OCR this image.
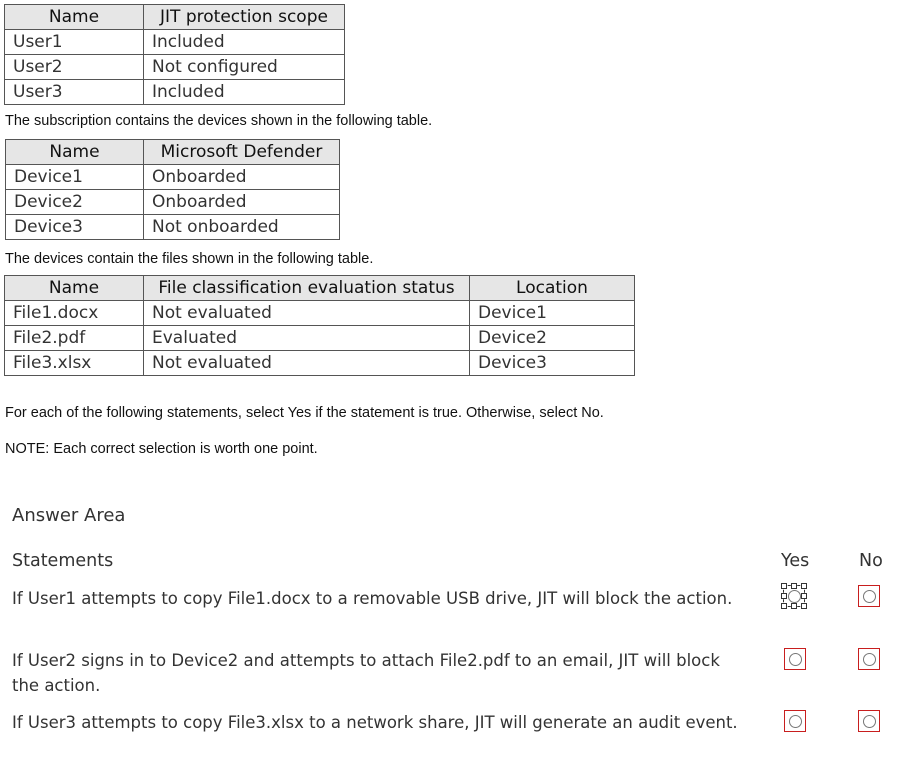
Name	JIT protection scope
User1	Included
User2	Not configured
User3	Included
The subscription contains the devices shown in the following table.
Name	Microsoft Defender
Device1	Onboarded
Device2	Onboarded
Device3	Not onboarded
The devices contain the files shown in the following table.
Name	File classification evaluation status	Location
File1.docx	Not evaluated	Device1
File2.pdf	Evaluated	Device2
File3.xlsx	Not evaluated	Device3
For each of the following statements, select Yes if the statement is true. Otherwise, select No.
NOTE: Each correct selection is worth one point.
Answer Area
Statements	Yes	No
If User1 attempts to copy File1.docx to a removable USB drive, JIT will block the action.
If User2 signs in to Device2 and attempts to attach File2.pdf to an email, JIT will block the action.
If User3 attempts to copy File3.xlsx to a network share, JIT will generate an audit event.
